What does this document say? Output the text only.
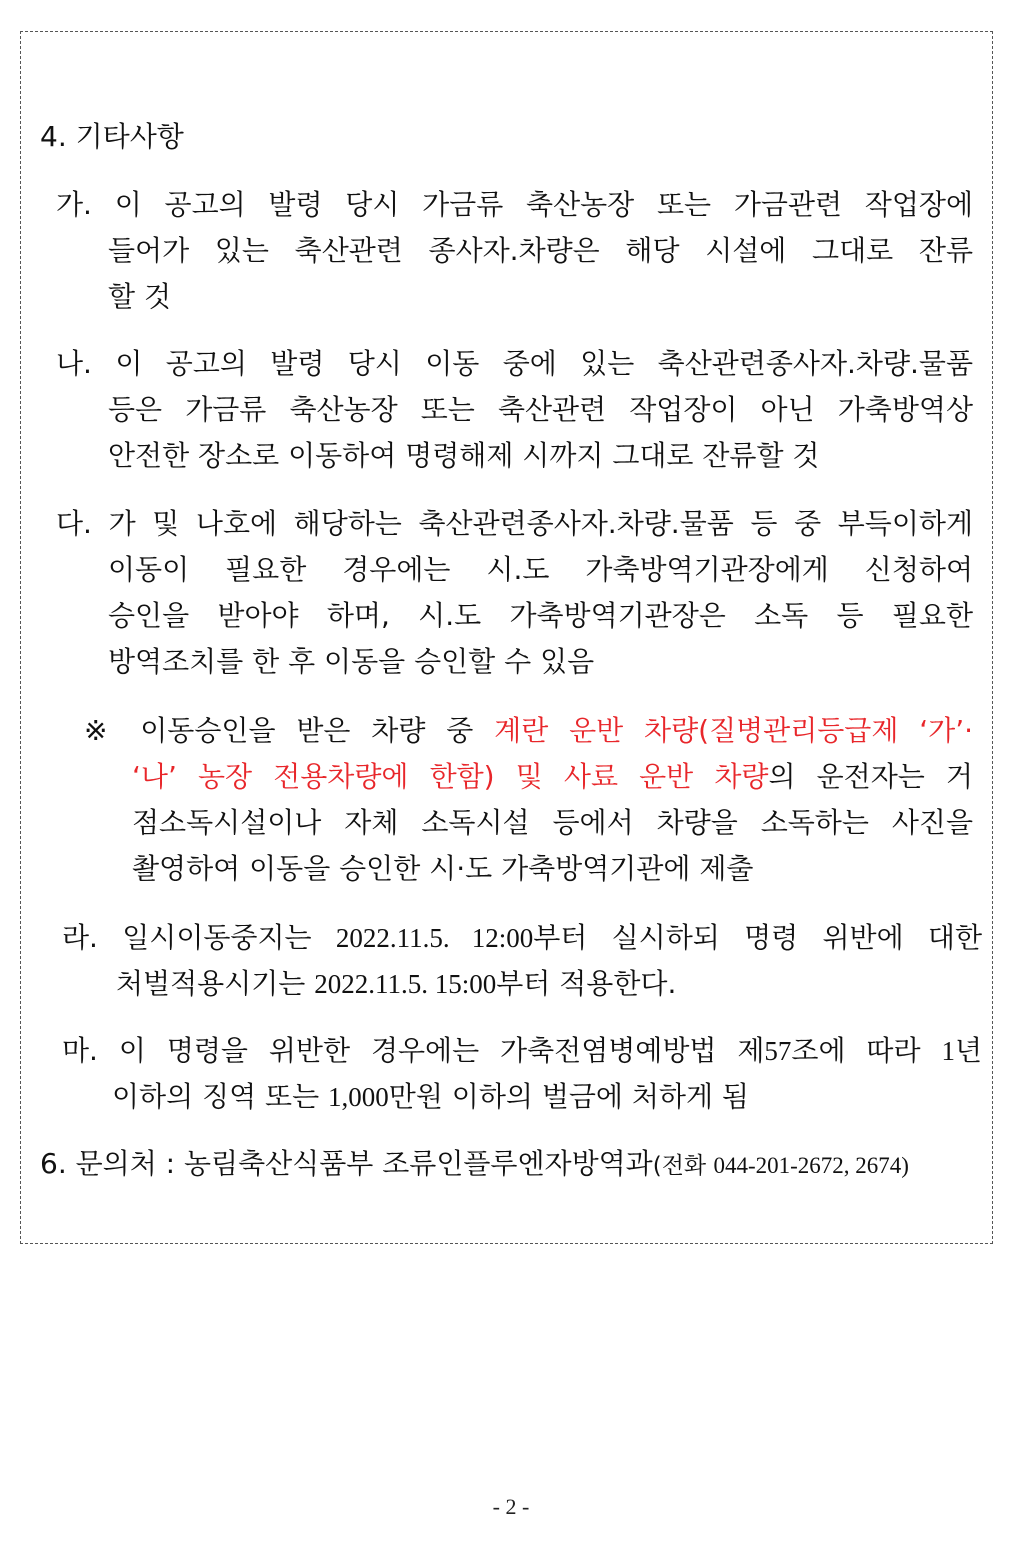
4. 기타사항
가. 이 공고의 발령 당시 가금류 축산농장 또는 가금관련 작업장에
들어가 있는 축산관련 종사자.차량은 해당 시설에 그대로 잔류
할 것
나. 이 공고의 발령 당시 이동 중에 있는 축산관련종사자.차량.물품
등은 가금류 축산농장 또는 축산관련 작업장이 아닌 가축방역상
안전한 장소로 이동하여 명령해제 시까지 그대로 잔류할 것
다. 가 및 나호에 해당하는 축산관련종사자.차량.물품 등 중 부득이하게
이동이 필요한 경우에는 시.도 가축방역기관장에게 신청하여
승인을 받아야 하며, 시.도 가축방역기관장은 소독 등 필요한
방역조치를 한 후 이동을 승인할 수 있음
※ 이동승인을 받은 차량 중 계란 운반 차량(질병관리등급제 ‘가’·
‘나’ 농장 전용차량에 한함) 및 사료 운반 차량의 운전자는 거
점소독시설이나 자체 소독시설 등에서 차량을 소독하는 사진을
촬영하여 이동을 승인한 시·도 가축방역기관에 제출
라. 일시이동중지는 2022.11.5. 12:00부터 실시하되 명령 위반에 대한
처벌적용시기는 2022.11.5. 15:00부터 적용한다.
마. 이 명령을 위반한 경우에는 가축전염병예방법 제57조에 따라 1년
이하의 징역 또는 1,000만원 이하의 벌금에 처하게 됨
6. 문의처 : 농림축산식품부 조류인플루엔자방역과(전화 044-201-2672, 2674)
- 2 -
